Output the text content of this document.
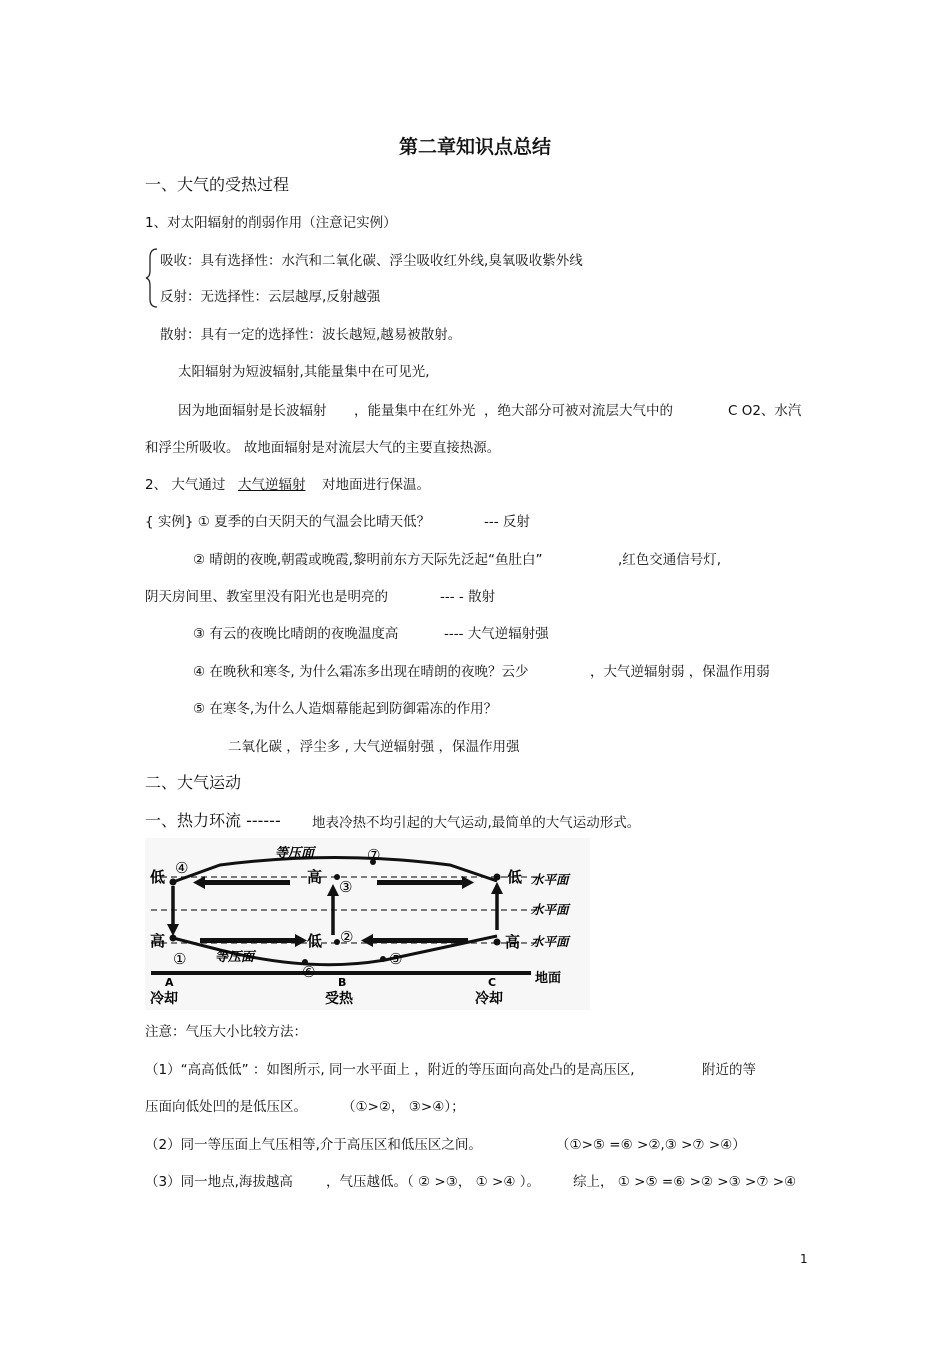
第二章知识点总结
一、大气的受热过程
1、对太阳辐射的削弱作用（注意记实例）
吸收：具有选择性：水汽和二氧化碳、浮尘吸收红外线,臭氧吸收紫外线
反射：无选择性：云层越厚,反射越强
散射：具有一定的选择性：波长越短,越易被散射。
太阳辐射为短波辐射,其能量集中在可见光,
因为地面辐射是长波辐射 ，能量集中在红外光 ，绝大部分可被对流层大气中的	C O2、水汽
和浮尘所吸收。 故地面辐射是对流层大气的主要直接热源。
2、 大气通过 大气逆辐射 对地面进行保温。
{ 实例} ① 夏季的白天阴天的气温会比晴天低？	--- 反射
② 晴朗的夜晚,朝霞或晚霞,黎明前东方天际先泛起“鱼肚白”	,红色交通信号灯,
阴天房间里、教室里没有阳光也是明亮的	--- - 散射
③ 有云的夜晚比晴朗的夜晚温度高	---- 大气逆辐射强
④ 在晚秋和寒冬, 为什么霜冻多出现在晴朗的夜晚？云少	，大气逆辐射弱 ，保温作用弱
⑤ 在寒冬,为什么人造烟幕能起到防御霜冻的作用？
二氧化碳 ，浮尘多 , 大气逆辐射强 ，保温作用强
二、大气运动
一、热力环流 ------ 地表冷热不均引起的大气运动,最简单的大气运动形式。
等压面
等压面
水平面
水平面
水平面
地面
低
高
高
低
低
高
①
②
③
④
⑤
⑥
⑦
A	B	C
冷却	受热	冷却
注意：气压大小比较方法：
（1）“高高低低” ：如图所示, 同一水平面上 ，附近的等压面向高处凸的是高压区,	附近的等
压面向低处凹的是低压区。	（①>②， ③>④）；
（2）同一等压面上气压相等,介于高压区和低压区之间。	（①>⑤ =⑥ >②,③ >⑦ >④）
（3）同一地点,海拔越高 ，气压越低。（ ② >③， ① >④ ）。 综上， ① >⑤ =⑥ >② >③ >⑦ >④
1
